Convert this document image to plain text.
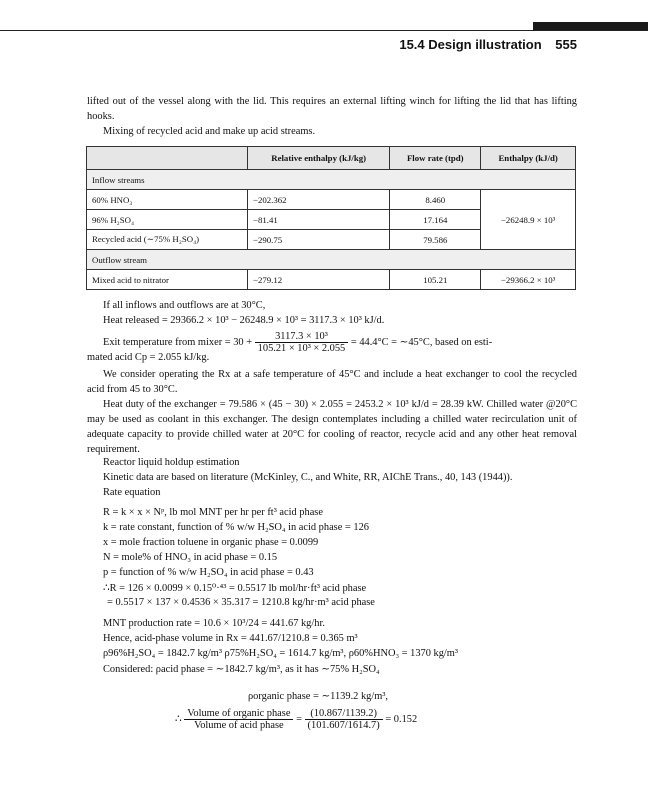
15.4 Design illustration 555
lifted out of the vessel along with the lid. This requires an external lifting winch for lifting the lid that has lifting hooks.
Mixing of recycled acid and make up acid streams.
	Relative enthalpy (kJ/kg)	Flow rate (tpd)	Enthalpy (kJ/d)
Inflow streams			
60% HNO₃	−202.362	8.460	−26248.9 × 10³
96% H₂SO₄	−81.41	17.164	
Recycled acid (∼75% H₂SO₄)	−290.75	79.586	
Outflow stream			
Mixed acid to nitrator	−279.12	105.21	−29366.2 × 10³
If all inflows and outflows are at 30°C,
Heat released = 29366.2 × 10³ − 26248.9 × 10³ = 3117.3 × 10³ kJ/d.
Exit temperature from mixer = $30 + \frac{\text{3117.3 × 10³}}{\text{105.21 × 10³ × 2.055}} = 44.4^\circ C$ = ∼45°C, based on esti-
mated acid Cp = 2.055 kJ/kg.
We consider operating the Rx at a safe temperature of 45°C and include a heat exchanger to cool the recycled acid from 45 to 30°C.
Heat duty of the exchanger = 79.586 × (45 − 30) × 2.055 = 2453.2 × 10³ kJ/d = 28.39 kW. Chilled water @20°C may be used as coolant in this exchanger. The design contemplates including a chilled water recirculation unit of adequate capacity to provide chilled water at 20°C for cooling of reactor, recycle acid and any other heat removal requirement.
Reactor liquid holdup estimation
Kinetic data are based on literature (McKinley, C., and White, RR, AIChE Trans., 40, 143 (1944)).
Rate equation
R = k × x × Nᵖ, lb mol MNT per hr per ft³ acid phase
k = rate constant, function of % w/w H₂SO₄ in acid phase = 126
x = mole fraction toluene in organic phase = 0.0099
N = mole% of HNO₃ in acid phase = 0.15
p = function of % w/w H₂SO₄ in acid phase = 0.43
∴R = 126 × 0.0099 × 0.15⁰·⁴³ = 0.5517 lb mol/hr·ft³ acid phase
= 0.5517 × 137 × 0.4536 × 35.317 = 1210.8 kg/hr·m³ acid phase
MNT production rate = 10.6 × 10³/24 = 441.67 kg/hr.
Hence, acid-phase volume in Rx = 441.67/1210.8 = 0.365 m³
ρ96%H₂SO₄ = 1842.7 kg/m³ ρ75%H₂SO₄ = 1614.7 kg/m³, ρ60%HNO₃ = 1370 kg/m³
Considered: ρacid phase = ∼1842.7 kg/m³, as it has ∼75% H₂SO₄
ρorganic phase = ∼1139.2 kg/m³,
∴ $\frac{\text{Volume of organic phase}}{\text{Volume of acid phase}} = \frac{(10.867/1139.2)}{(101.607/1614.7)} = 0.152$
